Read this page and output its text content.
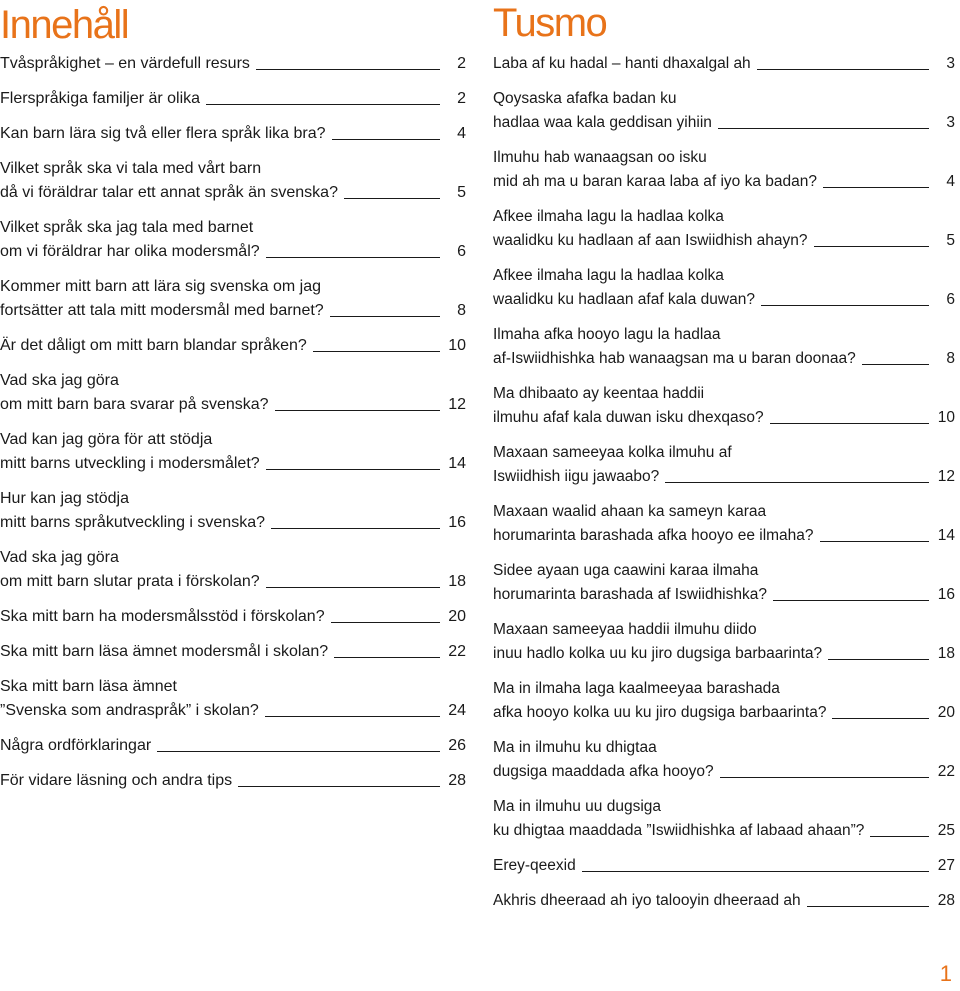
Innehåll
Tvåspråkighet – en värdefull resurs	2
Flerspråkiga familjer är olika	2
Kan barn lära sig två eller flera språk lika bra?	4
Vilket språk ska vi tala med vårt barn
då vi föräldrar talar ett annat språk än svenska?	5
Vilket språk ska jag tala med barnet
om vi föräldrar har olika modersmål?	6
Kommer mitt barn att lära sig svenska om jag
fortsätter att tala mitt modersmål med barnet?	8
Är det dåligt om mitt barn blandar språken?	10
Vad ska jag göra
om mitt barn bara svarar på svenska?	12
Vad kan jag göra för att stödja
mitt barns utveckling i modersmålet?	14
Hur kan jag stödja
mitt barns språkutveckling i svenska?	16
Vad ska jag göra
om mitt barn slutar prata i förskolan?	18
Ska mitt barn ha modersmålsstöd i förskolan?	20
Ska mitt barn läsa ämnet modersmål i skolan?	22
Ska mitt barn läsa ämnet
”Svenska som andraspråk” i skolan?	24
Några ordförklaringar	26
För vidare läsning och andra tips	28
Tusmo
Laba af ku hadal – hanti dhaxalgal ah	3
Qoysaska afafka badan ku
hadlaa waa kala geddisan yihiin	3
Ilmuhu hab wanaagsan oo isku
mid ah ma u baran karaa laba af iyo ka badan?	4
Afkee ilmaha lagu la hadlaa kolka
waalidku ku hadlaan af aan Iswiidhish ahayn?	5
Afkee ilmaha lagu la hadlaa kolka
waalidku ku hadlaan afaf kala duwan?	6
Ilmaha afka hooyo lagu la hadlaa
af-Iswiidhishka hab wanaagsan ma u baran doonaa?	8
Ma dhibaato ay keentaa haddii
ilmuhu afaf kala duwan isku dhexqaso?	10
Maxaan sameeyaa kolka ilmuhu af
Iswiidhish iigu jawaabo?	12
Maxaan waalid ahaan ka sameyn karaa
horumarinta barashada afka hooyo ee ilmaha?	14
Sidee ayaan uga caawini karaa ilmaha
horumarinta barashada af Iswiidhishka?	16
Maxaan sameeyaa haddii ilmuhu diido
inuu hadlo kolka uu ku jiro dugsiga barbaarinta?	18
Ma in ilmaha laga kaalmeeyaa barashada
afka hooyo kolka uu ku jiro dugsiga barbaarinta?	20
Ma in ilmuhu ku dhigtaa
dugsiga maaddada afka hooyo?	22
Ma in ilmuhu uu dugsiga
ku dhigtaa maaddada ”Iswiidhishka af labaad ahaan”?	25
Erey-qeexid	27
Akhris dheeraad ah iyo talooyin dheeraad ah	28
1
